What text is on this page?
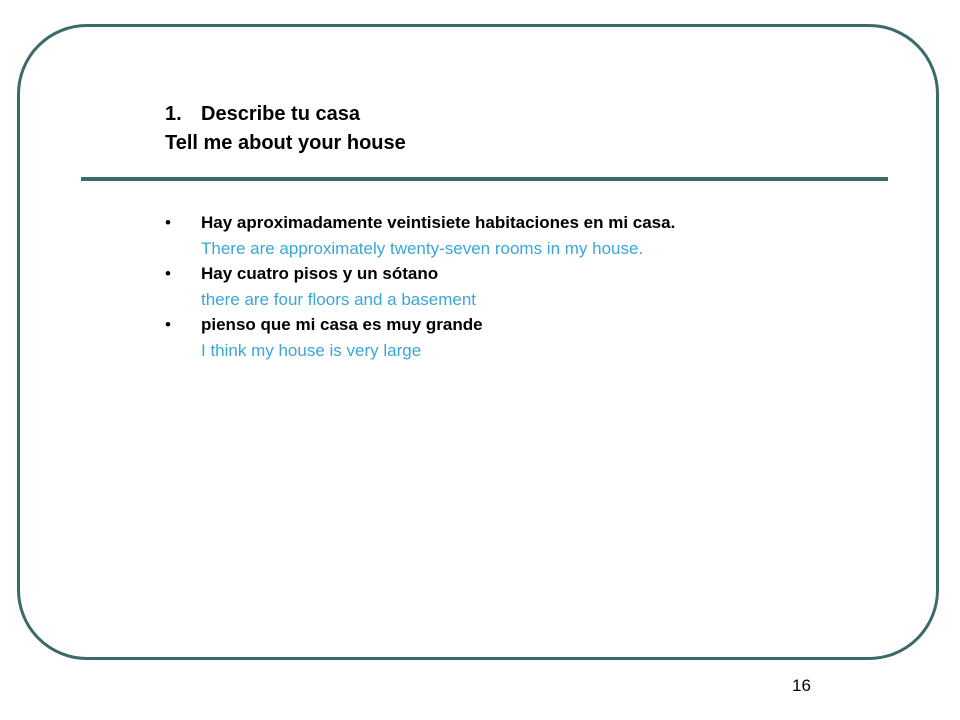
1. Describe tu casa
Tell me about your house
• Hay aproximadamente veintisiete habitaciones en mi casa.
There are approximately twenty-seven rooms in my house.
• Hay cuatro pisos y un sótano
there are four floors and a basement
• pienso que mi casa es muy grande
I think my house is very large
16
